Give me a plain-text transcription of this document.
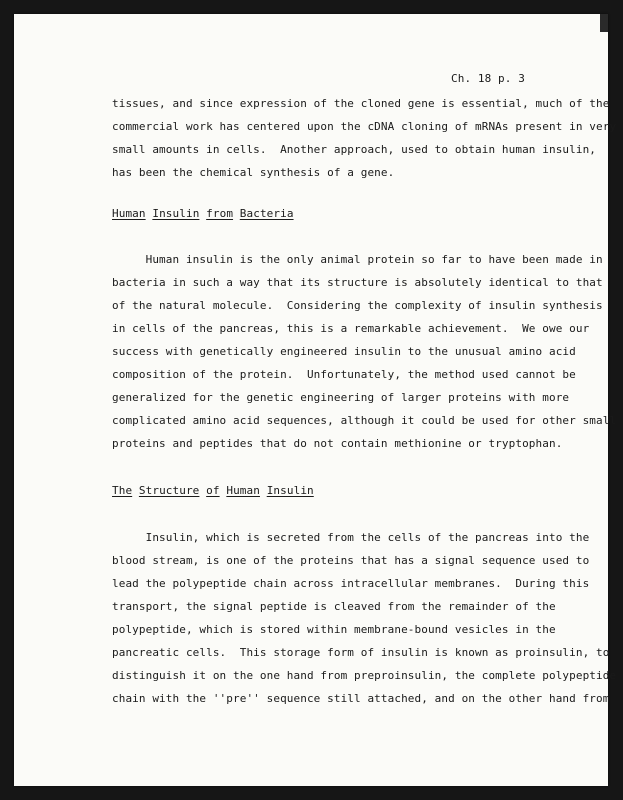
Ch. 18 p. 3
tissues, and since expression of the cloned gene is essential, much of the
commercial work has centered upon the cDNA cloning of mRNAs present in very
small amounts in cells.  Another approach, used to obtain human insulin,
has been the chemical synthesis of a gene.
Human Insulin from Bacteria
Human insulin is the only animal protein so far to have been made in
bacteria in such a way that its structure is absolutely identical to that
of the natural molecule.  Considering the complexity of insulin synthesis
in cells of the pancreas, this is a remarkable achievement.  We owe our
success with genetically engineered insulin to the unusual amino acid
composition of the protein.  Unfortunately, the method used cannot be
generalized for the genetic engineering of larger proteins with more
complicated amino acid sequences, although it could be used for other small
proteins and peptides that do not contain methionine or tryptophan.
The Structure of Human Insulin
Insulin, which is secreted from the cells of the pancreas into the
blood stream, is one of the proteins that has a signal sequence used to
lead the polypeptide chain across intracellular membranes.  During this
transport, the signal peptide is cleaved from the remainder of the
polypeptide, which is stored within membrane-bound vesicles in the
pancreatic cells.  This storage form of insulin is known as proinsulin, to
distinguish it on the one hand from preproinsulin, the complete polypeptide
chain with the ''pre'' sequence still attached, and on the other hand from
